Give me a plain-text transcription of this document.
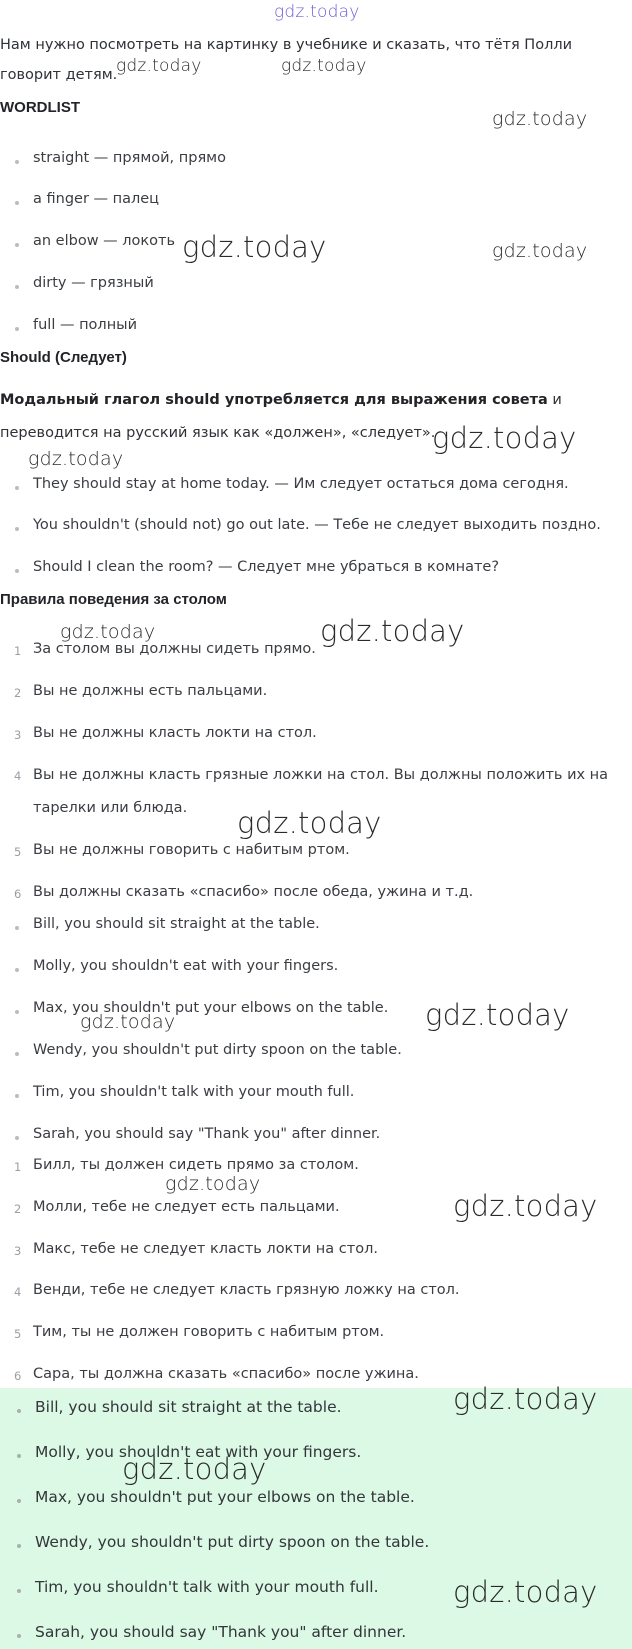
gdz.today
gdz.today	gdz.today
gdz.today
gdz.today	gdz.today
gdz.today
gdz.today
gdz.today	gdz.today
gdz.today
gdz.today	gdz.today
gdz.today
gdz.today
Нам нужно посмотреть на картинку в учебнике и сказать, что тётя Полли говорит детям.
WORDLIST
straight — прямой, прямо
a finger — палец
an elbow — локоть
dirty — грязный
full — полный
Should (Следует)
Модальный глагол should употребляется для выражения совета и переводится на русский язык как «должен», «следует».
They should stay at home today. — Им следует остаться дома сегодня.
You shouldn't (should not) go out late. — Тебе не следует выходить поздно.
Should I clean the room? — Следует мне убраться в комнате?
Правила поведения за столом
1 За столом вы должны сидеть прямо.
2 Вы не должны есть пальцами.
3 Вы не должны класть локти на стол.
4 Вы не должны класть грязные ложки на стол. Вы должны положить их на тарелки или блюда.
5 Вы не должны говорить с набитым ртом.
6 Вы должны сказать «спасибо» после обеда, ужина и т.д.
Bill, you should sit straight at the table.
Molly, you shouldn't eat with your fingers.
Max, you shouldn't put your elbows on the table.
Wendy, you shouldn't put dirty spoon on the table.
Tim, you shouldn't talk with your mouth full.
Sarah, you should say "Thank you" after dinner.
1 Билл, ты должен сидеть прямо за столом.
2 Молли, тебе не следует есть пальцами.
3 Макс, тебе не следует класть локти на стол.
4 Венди, тебе не следует класть грязную ложку на стол.
5 Тим, ты не должен говорить с набитым ртом.
6 Сара, ты должна сказать «спасибо» после ужина.
Bill, you should sit straight at the table.
Molly, you shouldn't eat with your fingers.
Max, you shouldn't put your elbows on the table.
Wendy, you shouldn't put dirty spoon on the table.
Tim, you shouldn't talk with your mouth full.
Sarah, you should say "Thank you" after dinner.
gdz.today
gdz.today
gdz.today
